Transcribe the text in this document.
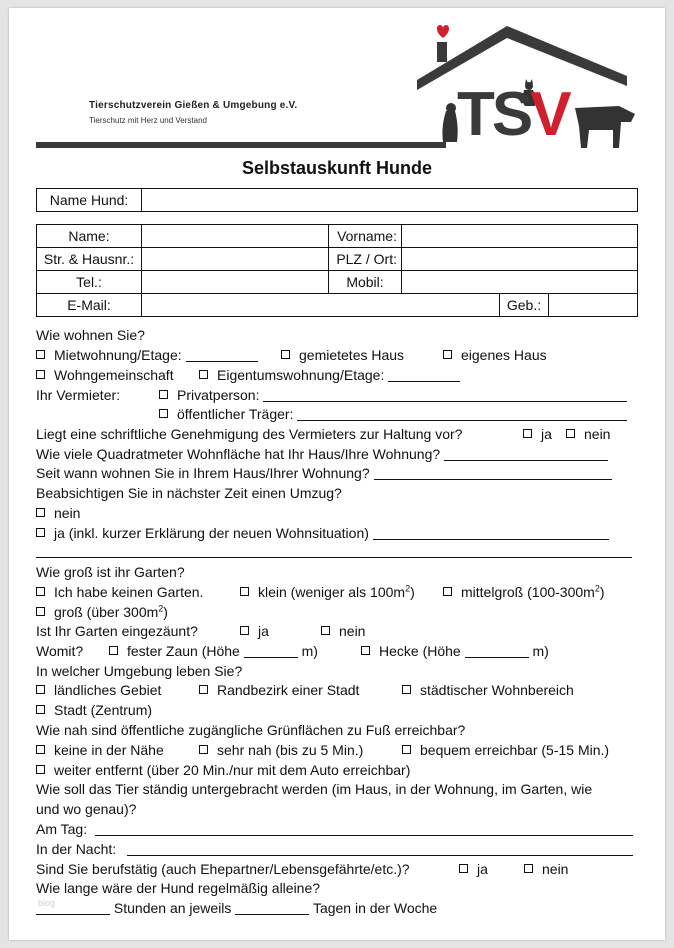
TSV
Tierschutzverein Gießen & Umgebung e.V.
Tierschutz mit Herz und Verstand
Selbstauskunft Hunde
Name Hund:	
Name:		Vorname:			
Str. & Hausnr.:		PLZ / Ort:			
Tel.:		Mobil:			
E-Mail:				Geb.:	
Wie wohnen Sie?
Mietwohnung/Etage:	gemietetes Haus	eigenes Haus
Wohngemeinschaft	Eigentumswohnung/Etage:
Ihr Vermieter:	Privatperson:
öffentlicher Träger:
Liegt eine schriftliche Genehmigung des Vermieters zur Haltung vor?	ja	nein
Wie viele Quadratmeter Wohnfläche hat Ihr Haus/Ihre Wohnung?
Seit wann wohnen Sie in Ihrem Haus/Ihrer Wohnung?
Beabsichtigen Sie in nächster Zeit einen Umzug?
nein
ja (inkl. kurzer Erklärung der neuen Wohnsituation)
Wie groß ist ihr Garten?
Ich habe keinen Garten.	klein (weniger als $100m^2$)	mittelgroß $(100-300m^2)$
groß (über $300m^2$)
Ist Ihr Garten eingezäunt?	ja	nein
Womit?	fester Zaun (Höhe	m)	Hecke (Höhe	m)
In welcher Umgebung leben Sie?
ländliches Gebiet	Randbezirk einer Stadt	städtischer Wohnbereich
Stadt (Zentrum)
Wie nah sind öffentliche zugängliche Grünflächen zu Fuß erreichbar?
keine in der Nähe	sehr nah (bis zu 5 Min.)	bequem erreichbar (5-15 Min.)
weiter entfernt (über 20 Min./nur mit dem Auto erreichbar)
Wie soll das Tier ständig untergebracht werden (im Haus, in der Wohnung, im Garten, wie
und wo genau)?
Am Tag:
In der Nacht:
Sind Sie berufstätig (auch Ehepartner/Lebensgefährte/etc.)?	ja	nein
Wie lange wäre der Hund regelmäßig alleine?
blog	Stunden an jeweils	Tagen in der Woche
